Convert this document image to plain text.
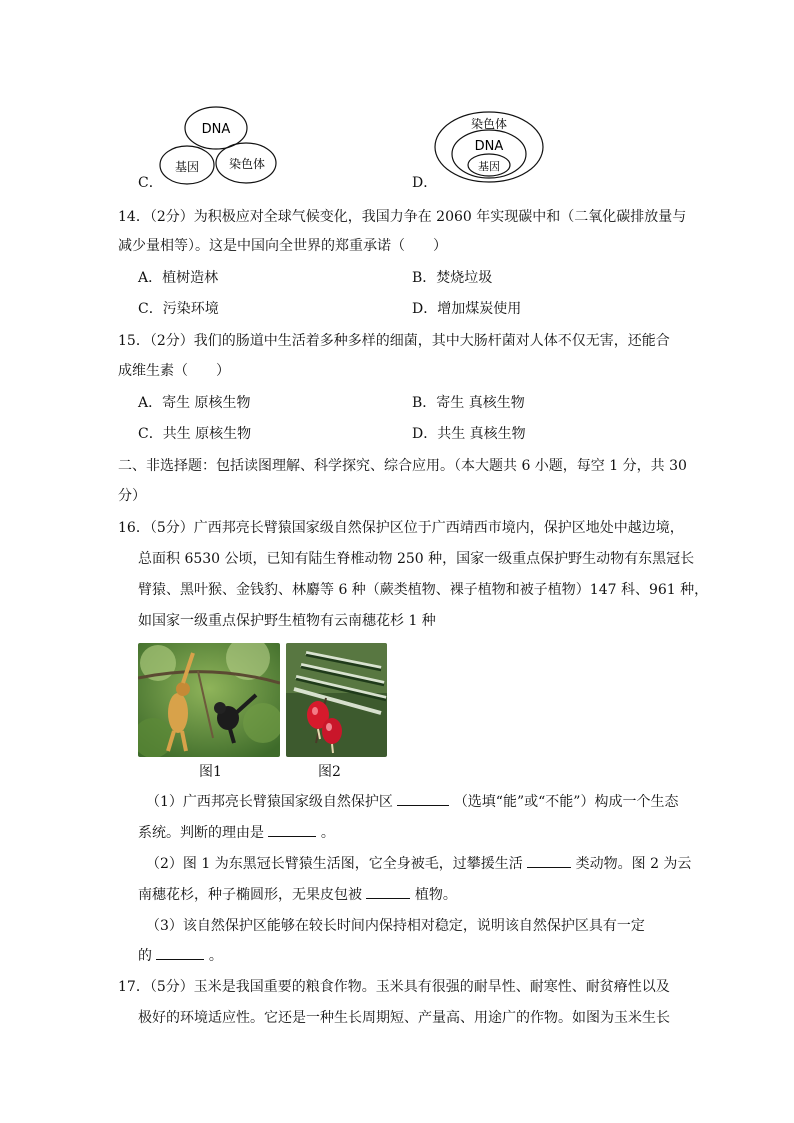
DNA
基因 染色体
C．
染色体
DNA
基因
D．
14．（2分）为积极应对全球气候变化，我国力争在 2060 年实现碳中和（二氧化碳排放量与
减少量相等）。这是中国向全世界的郑重承诺（　　）
A．植树造林	B．焚烧垃圾
C．污染环境	D．增加煤炭使用
15．（2分）我们的肠道中生活着多种多样的细菌，其中大肠杆菌对人体不仅无害，还能合
成维生素（　　）
A．寄生 原核生物	B．寄生 真核生物
C．共生 原核生物	D．共生 真核生物
二、非选择题：包括读图理解、科学探究、综合应用。（本大题共 6 小题，每空 1 分，共 30
分）
16．（5分）广西邦亮长臂猿国家级自然保护区位于广西靖西市境内，保护区地处中越边境，
总面积 6530 公顷，已知有陆生脊椎动物 250 种，国家一级重点保护野生动物有东黑冠长
臂猿、黑叶猴、金钱豹、林麝等 6 种（蕨类植物、裸子植物和被子植物）147 科、961 种，
如国家一级重点保护野生植物有云南穗花杉 1 种
图1	图2
（1）广西邦亮长臂猿国家级自然保护区	（选填“能”或“不能”）构成一个生态
系统。判断的理由是	。
（2）图 1 为东黑冠长臂猿生活图，它全身被毛，过攀援生活	类动物。图 2 为云
南穗花杉，种子椭圆形，无果皮包被	植物。
（3）该自然保护区能够在较长时间内保持相对稳定，说明该自然保护区具有一定
的	。
17．（5分）玉米是我国重要的粮食作物。玉米具有很强的耐旱性、耐寒性、耐贫瘠性以及
极好的环境适应性。它还是一种生长周期短、产量高、用途广的作物。如图为玉米生长
